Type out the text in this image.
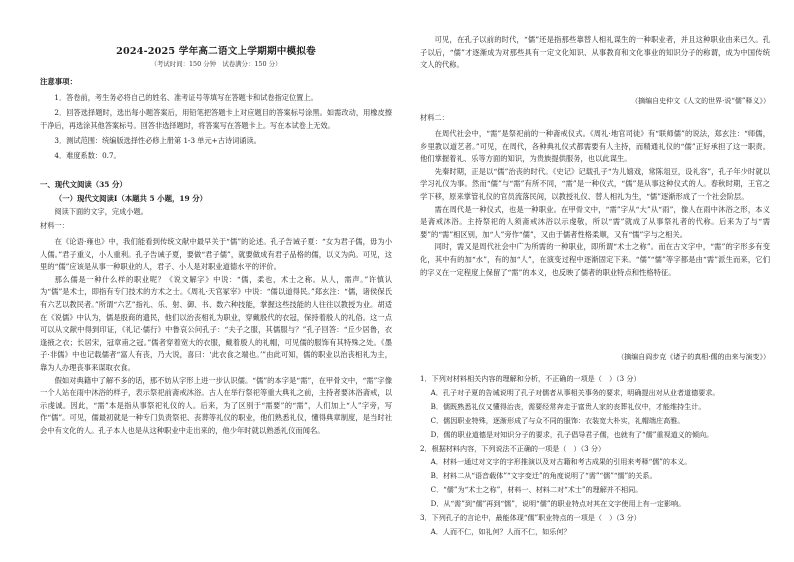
2024-2025 学年高二语文上学期期中模拟卷
（考试时间：150 分钟　试卷满分：150 分）
注意事项：

1．答卷前，考生务必将自己的姓名、准考证号等填写在答题卡和试卷指定位置上。

2．回答选择题时，选出每小题答案后，用铅笔把答题卡上对应题目的答案标号涂黑。如需改动，用橡皮擦干净后，再选涂其他答案标号。回答非选择题时，将答案写在答题卡上。写在本试卷上无效。

3．测试范围：统编版选择性必修上册第 1-3 单元+古诗词诵读。

4．难度系数：0.7。

一、现代文阅读（35 分）
（一）现代文阅读Ⅰ（本题共 5 小题，19 分）
阅读下面的文字，完成小题。
材料一：

在《论语·雍也》中，我们能看到传统文献中最早关于“儒”的论述。孔子告诫子夏：“女为君子儒，毋为小人儒。”君子重义，小人重利。孔子告诫子夏，要做“君子儒”，就要做成有君子品格的儒，以义为尚。可见，这里的“儒”应该是从事一种职业的人，君子、小人是对职业道德水平的评价。

那么儒是一种什么样的职业呢？《说文解字》中说：“儒，柔也，术士之称。从人，需声。”许慎认为“儒”是术士，即指有专门技术的方术之士。《周礼·天官冢宰》中说：“儒以道得民。”郑玄注：“儒，诸侯保氏有六艺以教民者。”所谓“六艺”指礼、乐、射、御、书、数六种技能，掌握这些技能的人往往以教授为业。胡适在《说儒》中认为，儒是殷商的遗民，他们以治丧相礼为职业，穿戴殷代的衣冠，保持着殷人的礼俗。这一点可以从文献中得到印证，《礼记·儒行》中鲁哀公问孔子：“夫子之服，其儒服与？”孔子回答：“丘少居鲁，衣逢掖之衣；长居宋，冠章甫之冠。”儒者穿着宽大的衣服，戴着殷人的礼帽，可见儒的服饰有其特殊之处。《墨子·非儒》中也记载儒者“富人有丧，乃大说，喜曰：‘此衣食之端也。’”由此可知，儒的职业以治丧相礼为主，靠为人办理丧事来谋取衣食。

假如对典籍中了解不多的话，那不妨从字形上进一步认识儒。“儒”的本字是“需”，在甲骨文中，“需”字像一个人站在雨中沐浴的样子，表示祭祀前斋戒沐浴。古人在举行祭祀等重大典礼之前，主持者要沐浴斋戒，以示虔诚。因此，“需”本是指从事祭祀礼仪的人。后来，为了区别于“需要”的“需”，人们加上“人”字旁，写作“儒”。可见，儒最初就是一种专门负责祭祀、丧葬等礼仪的职业，他们熟悉礼仪，懂得典章制度，是当时社会中有文化的人。孔子本人也是从这种职业中走出来的，他少年时就以熟悉礼仪而闻名。

可见，在孔子以前的时代，“儒”还是指那些靠替人相礼谋生的一种职业者，并且这种职业由来已久。孔子以后，“儒”才逐渐成为对那些具有一定文化知识、从事教育和文化事业的知识分子的称谓，成为中国传统文人的代称。

（摘编自史仲文《人文的世界·说“儒”释义》）
材料二：

在周代社会中，“需”是祭祀前的一种斋戒仪式。《周礼·地官司徒》有“联师儒”的说法，郑玄注：“师儒，乡里教以道艺者。”可见，在周代，各种典礼仪式都需要有人主持，而精通礼仪的“儒”正好承担了这一职责。他们掌握着礼、乐等方面的知识，为贵族提供服务，也以此谋生。

先秦时期，正是以“儒”治丧的时代。《史记》记载孔子“为儿嬉戏，常陈俎豆，设礼容”，孔子年少时就以学习礼仪为事。然而“儒”与“需”有所不同，“需”是一种仪式，“儒”是从事这种仪式的人。春秋时期，王官之学下移，原来掌管礼仪的官员流落民间，以教授礼仪、替人相礼为生，“儒”逐渐形成了一个社会阶层。

需在周代是一种仪式，也是一种职业。在甲骨文中，“需”字从“大”从“雨”，像人在雨中沐浴之形，本义是斋戒沐浴。主持祭祀的人须斋戒沐浴以示虔敬，所以“需”就成了从事祭礼者的代称。后来为了与“需要”的“需”相区别，加“人”旁作“儒”，又由于儒者性格柔顺，又有“懦”字与之相关。

同时，需又是周代社会中广为所需的一种职业，即所谓“术士之称”。而在古文字中，“需”的字形多有变化，其中有的加“水”，有的加“人”，在演变过程中逐渐固定下来。“儒”“懦”等字都是由“需”派生而来，它们的字义在一定程度上保留了“需”的本义，也反映了儒者的职业特点和性格特征。

（摘编自阎步克《诸子的真相·儒的由来与演变》）

1．下列对材料相关内容的理解和分析，不正确的一项是（　）（3 分）

A．孔子对子夏的告诫说明了孔子对儒者从事相关事务的要求，明确提出对从业者道德要求。

B．儒既熟悉礼仪又懂得治丧，需要经常奔走于富贵人家的丧葬礼仪中，才能维持生计。

C．儒因职业特殊，逐渐形成了与众不同的服饰：衣装宽大朴实，礼帽端庄高雅。

D．儒的职业道德是对知识分子的要求，孔子倡导君子儒，也就有了“儒”重视道义的倾向。

2．根据材料内容，下列说法不正确的一项是（　）（3 分）

A．材料一通过对文字的字形推演以及对古籍和考古成果的引用来考释“儒”的本义。

B．材料二从“语音载体”“文字变迁”的角度说明了“需”“儒”“懦”的关系。

C．“儒”为“术士之称”，材料一、材料二对“术士”的理解并不相同。

D．从“需”到“儒”再到“懦”，说明“儒”的职业特点对其在文字使用上有一定影响。

3．下列孔子的言论中，最能体现“儒”职业特点的一项是（　）（3 分）

A．人而不仁，如礼何？人而不仁，如乐何？
